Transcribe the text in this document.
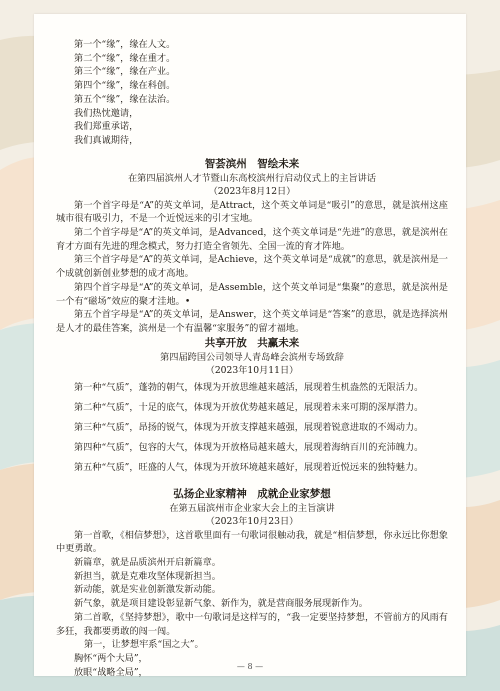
第一个“缘”，缘在人文。

第二个“缘”，缘在重才。

第三个“缘”，缘在产业。

第四个“缘”，缘在科创。

第五个“缘”，缘在法治。

我们热忱邀请，

我们郑重承诺，

我们真诚期待，

智荟滨州　智绘未来

在第四届滨州人才节暨山东高校滨州行启动仪式上的主旨讲话

（2023年8月12日）

第一个首字母是“A”的英文单词，是Attract，这个英文单词是“吸引”的意思，就是滨州这座城市很有吸引力，不是一个近悦远来的引才宝地。

第二个首字母是“A”的英文单词，是Advanced，这个英文单词是“先进”的意思，就是滨州在育才方面有先进的理念模式，努力打造全省领先、全国一流的育才阵地。

第三个首字母是“A”的英文单词，是Achieve，这个英文单词是“成就”的意思，就是滨州是一个成就创新创业梦想的成才高地。

第四个首字母是“A”的英文单词，是Assemble，这个英文单词是“集聚”的意思，就是滨州是一个有“磁场”效应的聚才洼地。•

第五个首字母是“A”的英文单词，是Answer，这个英文单词是“答案”的意思，就是选择滨州是人才的最佳答案，滨州是一个有温馨“家服务”的留才福地。

共享开放　共赢未来

第四届跨国公司领导人青岛峰会滨州专场致辞

（2023年10月11日）

第一种“气质”，蓬勃的朝气，体现为开放思维越来越活，展现着生机盎然的无限活力。

第二种“气质”，十足的底气，体现为开放优势越来越足，展现着未来可期的深厚潜力。

第三种“气质”，昂扬的锐气，体现为开放支撑越来越强，展现着锐意进取的不竭动力。

第四种“气质”，包容的大气，体现为开放格局越来越大，展现着海纳百川的充沛魄力。

第五种“气质”，旺盛的人气，体现为开放环境越来越好，展现着近悦远来的独特魅力。

弘扬企业家精神　成就企业家梦想

在第五届滨州市企业家大会上的主旨演讲

（2023年10月23日）

第一首歌，《相信梦想》，这首歌里面有一句歌词很触动我，就是“相信梦想，你永远比你想象中更勇敢。

新篇章，就是品质滨州开启新篇章。

新担当，就是克难攻坚体现新担当。

新动能，就是实业创新激发新动能。

新气象，就是项目建设彰显新气象、新作为，就是营商服务展现新作为。

第二首歌，《坚持梦想》，歌中一句歌词是这样写的，“我一定要坚持梦想，不管前方的风雨有多狂，我都要勇敢的闯一闯。

第一，让梦想牢系“国之大”。

胸怀“两个大局”，

放眼“战略全局”，

— 8 —
